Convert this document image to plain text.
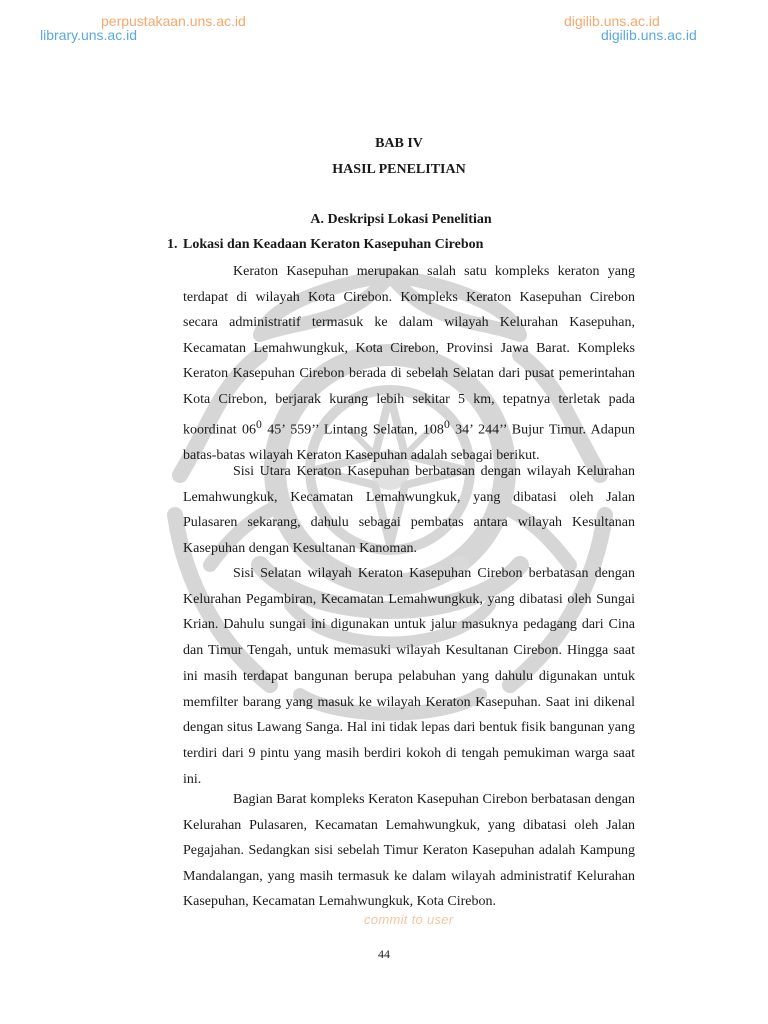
perpustakaan.uns.ac.id
library.uns.ac.id
digilib.uns.ac.id
digilib.uns.ac.id
BAB IV
HASIL PENELITIAN
A. Deskripsi Lokasi Penelitian
1. Lokasi dan Keadaan Keraton Kasepuhan Cirebon

Keraton Kasepuhan merupakan salah satu kompleks keraton yang terdapat di wilayah Kota Cirebon. Kompleks Keraton Kasepuhan Cirebon secara administratif termasuk ke dalam wilayah Kelurahan Kasepuhan, Kecamatan Lemahwungkuk, Kota Cirebon, Provinsi Jawa Barat. Kompleks Keraton Kasepuhan Cirebon berada di sebelah Selatan dari pusat pemerintahan Kota Cirebon, berjarak kurang lebih sekitar 5 km, tepatnya terletak pada koordinat $06^0$ 45’ 559’’ Lintang Selatan, $108^0$ 34’ 244’’ Bujur Timur. Adapun batas-batas wilayah Keraton Kasepuhan adalah sebagai berikut.

Sisi Utara Keraton Kasepuhan berbatasan dengan wilayah Kelurahan Lemahwungkuk, Kecamatan Lemahwungkuk, yang dibatasi oleh Jalan Pulasaren sekarang, dahulu sebagai pembatas antara wilayah Kesultanan Kasepuhan dengan Kesultanan Kanoman.

Sisi Selatan wilayah Keraton Kasepuhan Cirebon berbatasan dengan Kelurahan Pegambiran, Kecamatan Lemahwungkuk, yang dibatasi oleh Sungai Krian. Dahulu sungai ini digunakan untuk jalur masuknya pedagang dari Cina dan Timur Tengah, untuk memasuki wilayah Kesultanan Cirebon. Hingga saat ini masih terdapat bangunan berupa pelabuhan yang dahulu digunakan untuk memfilter barang yang masuk ke wilayah Keraton Kasepuhan. Saat ini dikenal dengan situs Lawang Sanga. Hal ini tidak lepas dari bentuk fisik bangunan yang terdiri dari 9 pintu yang masih berdiri kokoh di tengah pemukiman warga saat ini.

Bagian Barat kompleks Keraton Kasepuhan Cirebon berbatasan dengan Kelurahan Pulasaren, Kecamatan Lemahwungkuk, yang dibatasi oleh Jalan Pegajahan. Sedangkan sisi sebelah Timur Keraton Kasepuhan adalah Kampung Mandalangan, yang masih termasuk ke dalam wilayah administratif Kelurahan Kasepuhan, Kecamatan Lemahwungkuk, Kota Cirebon.

commit to user
44
